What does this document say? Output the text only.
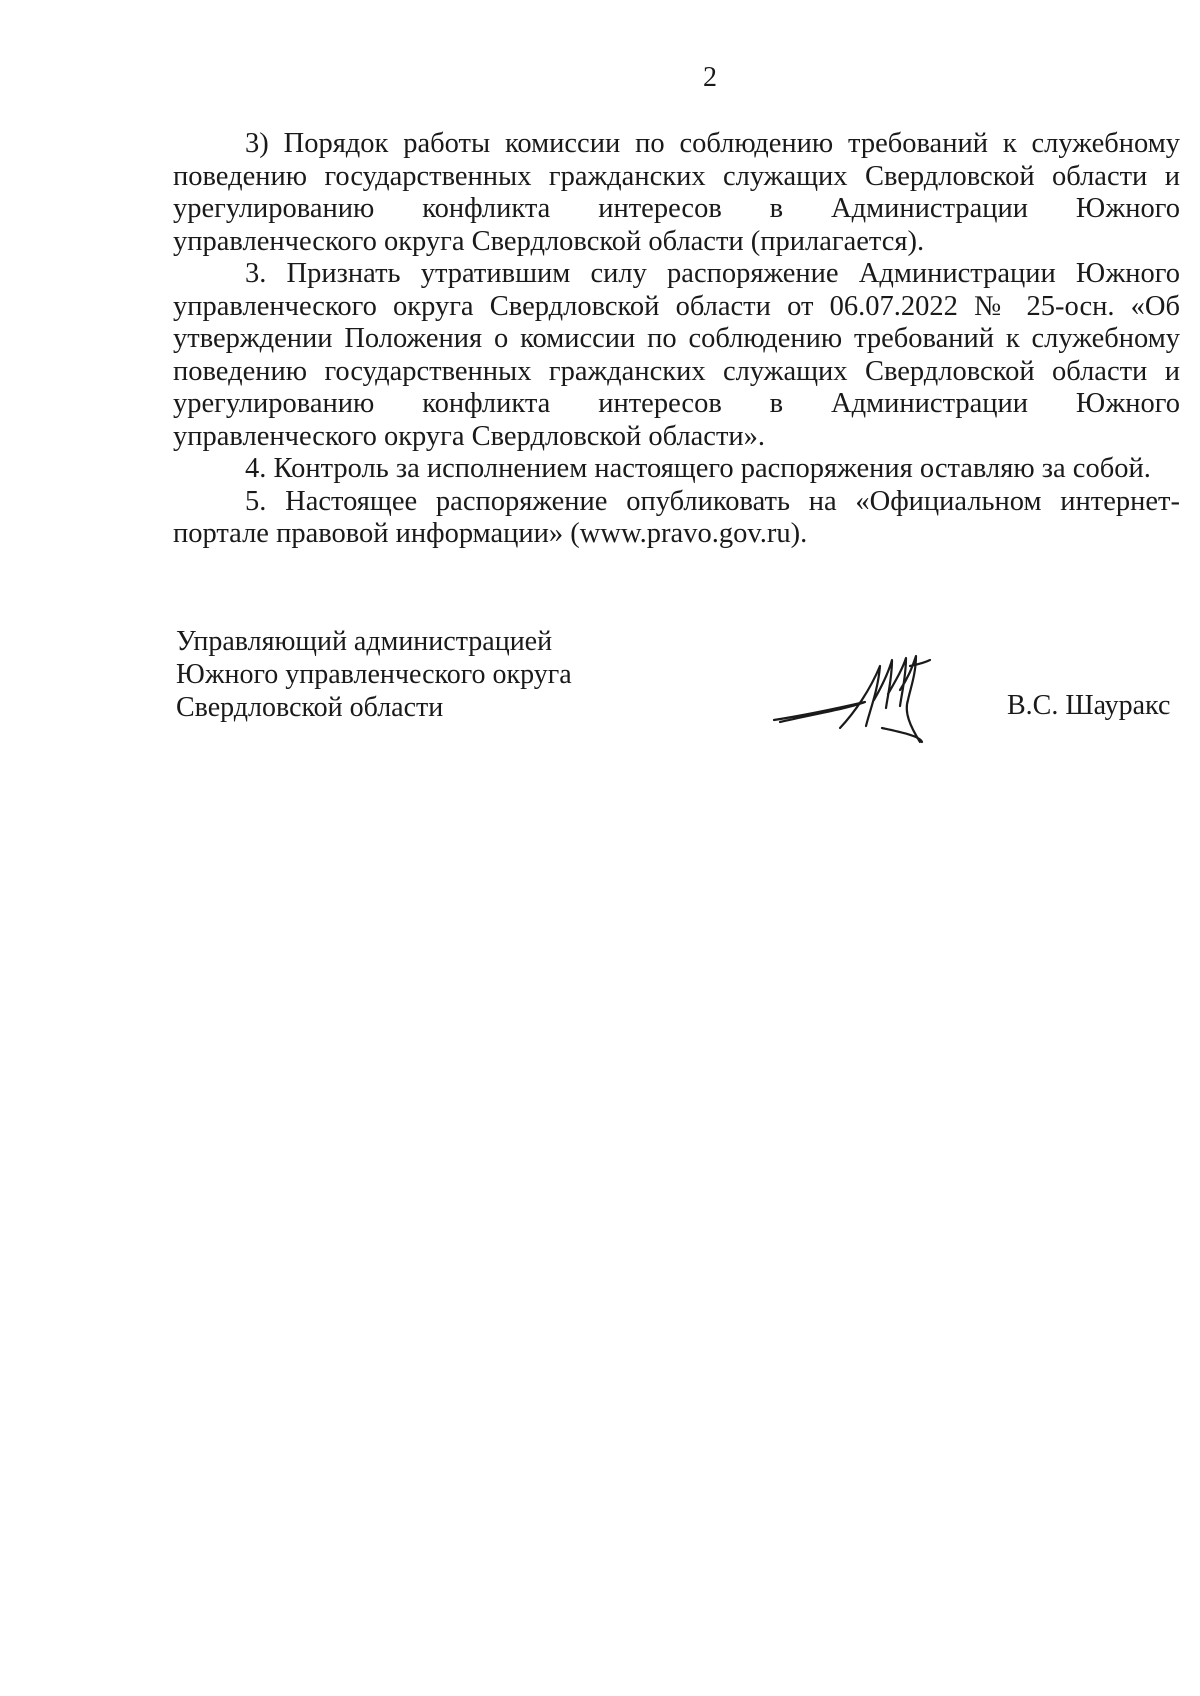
2

3) Порядок работы комиссии по соблюдению требований к служебному поведению государственных гражданских служащих Свердловской области и урегулированию конфликта интересов в Администрации Южного управленческого округа Свердловской области (прилагается).

3. Признать утратившим силу распоряжение Администрации Южного управленческого округа Свердловской области от 06.07.2022 № 25-осн. «Об утверждении Положения о комиссии по соблюдению требований к служебному поведению государственных гражданских служащих Свердловской области и урегулированию конфликта интересов в Администрации Южного управленческого округа Свердловской области».

4. Контроль за исполнением настоящего распоряжения оставляю за собой.

5. Настоящее распоряжение опубликовать на «Официальном интернет-портале правовой информации» (www.pravo.gov.ru).

Управляющий администрацией
Южного управленческого округа
Свердловской области	В.С. Шауракс
